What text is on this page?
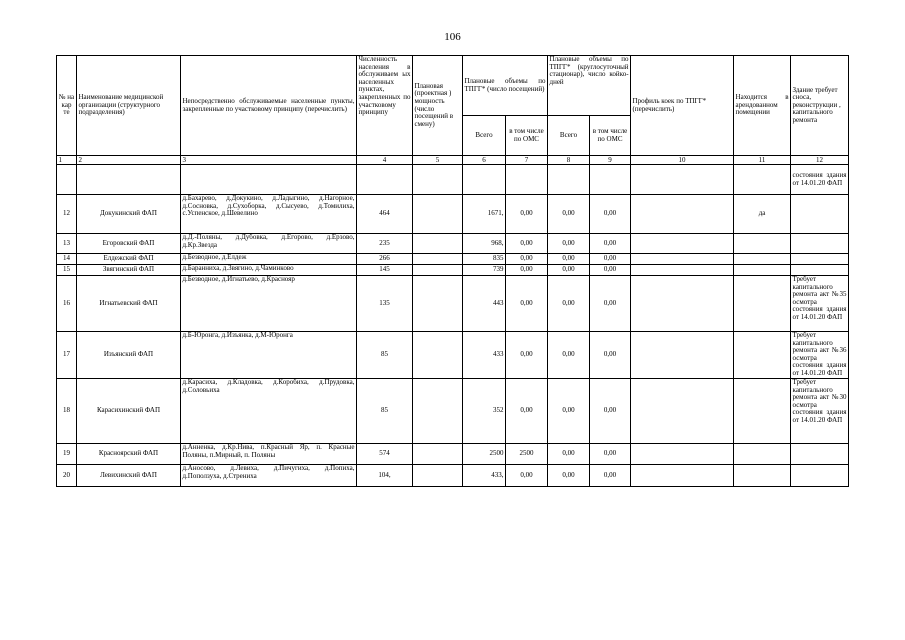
106
№ на кар те	Наименование медицинской организации (структурного подразделения)	Непосредственно обслуживаемые населенные пункты, закрепленные по участковому принципу (перечислить)	Численность населения в обслуживаем ых населенных пунктах, закрепленных по участковому принципу	Плановая (проектная ) мощность (число посещений в смену)	Плановые объемы по ТПГГ* (число посещений)		Плановые объемы по ТПГГ* (круглосуточный стационар), число койко-дней		Профиль коек по ТПГГ* (перечислить)	Находится в арендованном помещении	Здание требует сноса, реконструкции , капитального ремонта
					Всего	в том числе по ОМС	Всего	в том числе по ОМС			
1	2	3	4	5	6	7	8	9	10	11	12
											состояния здания от 14.01.20 ФАП
12	Докукинский ФАП	д.Бахарево, д.Докукино, д.Ладыгино, д.Нагорное, д.Сосновка, д.Сухоборка, д.Сысуево, д.Томилиха, с.Успенское, д.Шевелино	464		1671,	0,00	0,00	0,00		да	
13	Егоровский ФАП	д.Д.-Поляны, д.Дубовка, д.Егорово, д.Ерзово, д.Кр.Звезда	235		968,	0,00	0,00	0,00			
14	Елдежский ФАП	д.Безводное, д.Елдеж	266		835	0,00	0,00	0,00			
15	Звягинский ФАП	д.Баранниха, д.Звягино, д.Чаминково	145		739	0,00	0,00	0,00			
16	Игнатьевский ФАП	д.Безводное, д.Игнатьево, д.Краснояр	135		443	0,00	0,00	0,00			Требует капитального ремонта акт №35 осмотра состояния здания от 14.01.20 ФАП
17	Изъянский ФАП	д.Б-Юронга, д.Изъянка, д.М-Юронга	85		433	0,00	0,00	0,00			Требует капитального ремонта акт №36 осмотра состояния здания от 14.01.20 ФАП
18	Карасихинский ФАП	д.Карасиха, д.Кладовка, д.Коробиха, д.Прудовка, д.Соловьиха	85		352	0,00	0,00	0,00			Требует капитального ремонта акт №30 осмотра состояния здания от 14.01.20 ФАП
19	Красноярский ФАП	д.Анненка, д.Кр.Нива, п.Красный Яр, п. Красные Поляны, п.Мирный, п. Поляны	574		2500	2500	0,00	0,00			
20	Левихинский ФАП	д.Аносово, д.Левиха, д.Пичугиха, д.Попиха, д.Поползуха, д.Стрениха	104,		433,	0,00	0,00	0,00			
